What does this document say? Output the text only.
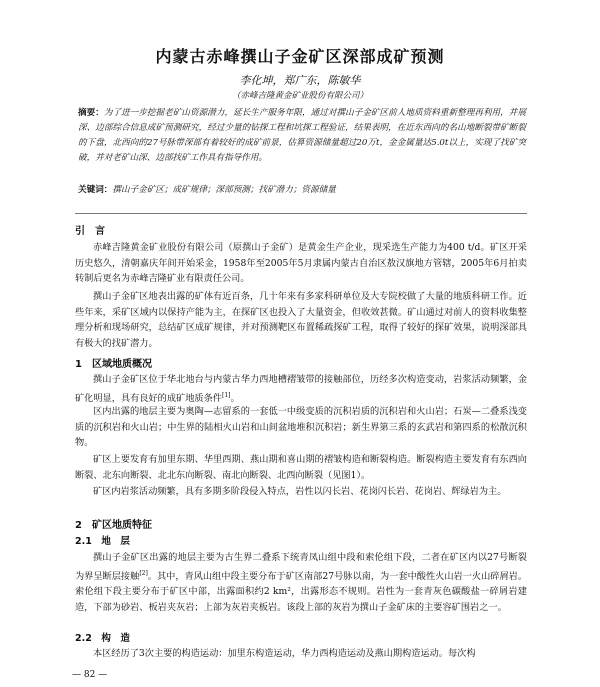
内蒙古赤峰撰山子金矿区深部成矿预测
李化坤，郑广东，陈敏华
（赤峰吉隆黄金矿业股份有限公司）
摘要：为了进一步挖掘老矿山资源潜力，延长生产服务年限，通过对撰山子金矿区前人地质资料重新整理再利用，并展深、边部综合信息成矿预测研究，经过少量的钻探工程和坑探工程验证，结果表明，在近东西向的名山地断裂带矿断裂的下盘，北西向的27号脉带深部有着较好的成矿前景，估算资源储量超过20万t，金金属量达5.0t以上，实现了找矿突破，并对老矿山深、边部找矿工作具有指导作用。
关键词：撰山子金矿区；成矿规律；深部预测；找矿潜力；资源储量
引　言
赤峰吉隆黄金矿业股份有限公司（原撰山子金矿）是黄金生产企业，现采选生产能力为400 t/d。矿区开采历史悠久，清朝嘉庆年间开始采金，1958年至2005年5月隶属内蒙古自治区敖汉旗地方管辖，2005年6月拍卖转制后更名为赤峰吉隆矿业有限责任公司。
撰山子金矿区地表出露的矿体有近百条，几十年来有多家科研单位及大专院校做了大量的地质科研工作。近些年来，采矿区域内以保持产能为主，在探矿区也投入了大量资金，但收效甚微。矿山通过对前人的资料收集整理分析和现场研究，总结矿区成矿规律，并对预测靶区布置稀疏探矿工程，取得了较好的探矿效果，说明深部具有极大的找矿潜力。
1　区域地质概况
撰山子金矿区位于华北地台与内蒙古华力西地槽褶皱带的接触部位，历经多次构造变动，岩浆活动频繁，金矿化明显，具有良好的成矿地质条件[1]。
区内出露的地层主要为奥陶—志留系的一套低一中级变质的沉积岩质的沉积岩和火山岩；石炭—二叠系浅变质的沉积岩和火山岩；中生界的陆相火山岩和山间盆地堆积沉积岩；新生界第三系的玄武岩和第四系的松散沉积物。
矿区上要发育有加里东期、华里西期、燕山期和喜山期的褶皱构造和断裂构造。断裂构造主要发育有东西向断裂、北东向断裂、北北东向断裂、南北向断裂、北西向断裂（见图1）。
矿区内岩浆活动频繁，具有多期多阶段侵入特点，岩性以闪长岩、花岗闪长岩、花岗岩、辉绿岩为主。
2　矿区地质特征
2.1　地　层
撰山子金矿区出露的地层主要为古生界二叠系下统青凤山组中段和索伦组下段，二者在矿区内以27号断裂为界呈断层接触[2]。其中，青风山组中段主要分布于矿区南部27号脉以南，为一套中酸性火山岩一火山碎屑岩。索伦组下段主要分布于矿区中部，出露面积约2 km²，出露形态不规则。岩性为一套青灰色碳酸盐一碎屑岩建造，下部为砂岩、板岩夹灰岩；上部为灰岩夹板岩。该段上部的灰岩为撰山子金矿床的主要容矿围岩之一。
2.2　构　造
本区经历了3次主要的构造运动：加里东构造运动，华力西构造运动及燕山期构造运动。每次构
— 82 —
